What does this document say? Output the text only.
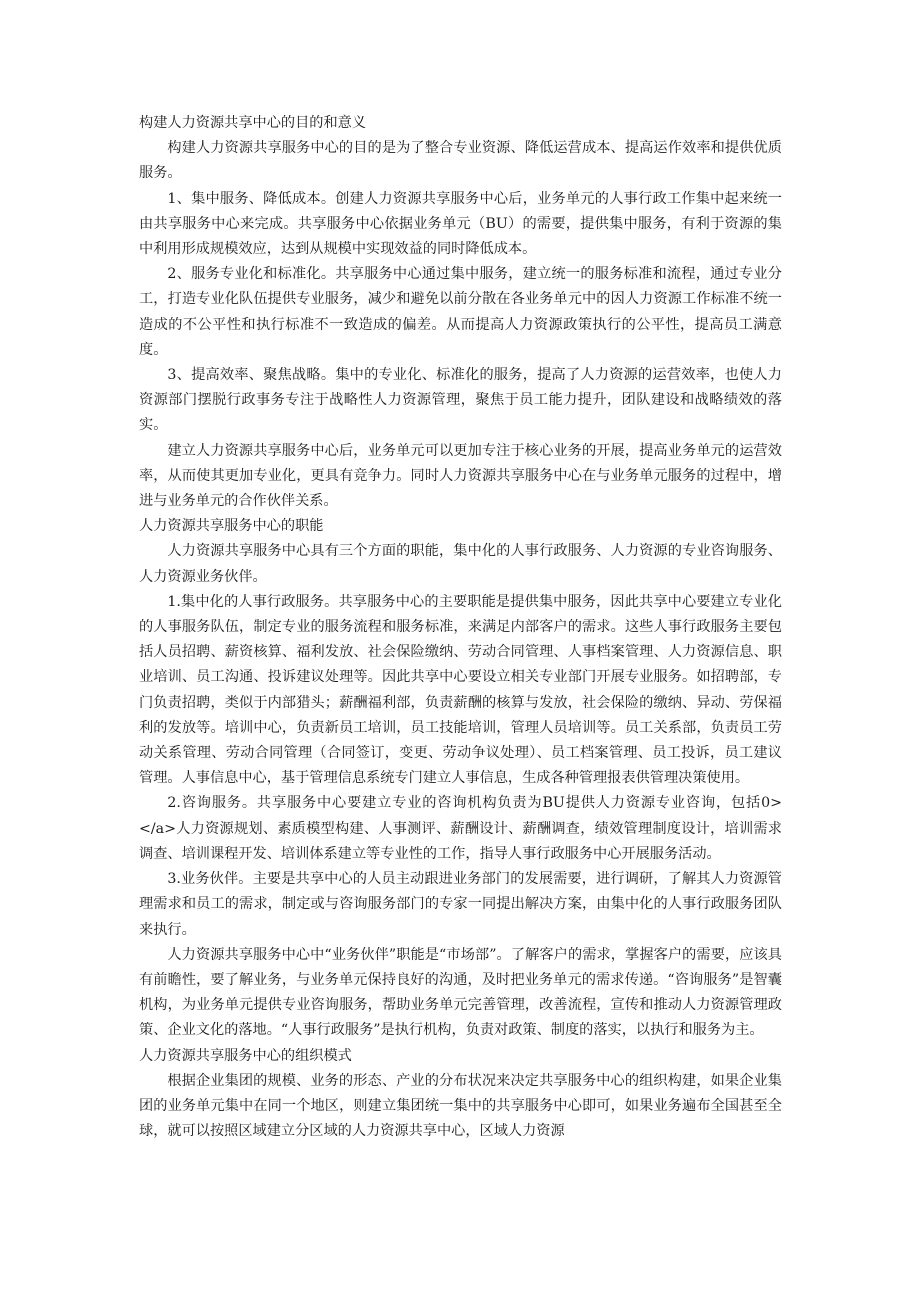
构建人力资源共享中心的目的和意义

构建人力资源共享服务中心的目的是为了整合专业资源、降低运营成本、提高运作效率和提供优质服务。

1、集中服务、降低成本。创建人力资源共享服务中心后，业务单元的人事行政工作集中起来统一由共享服务中心来完成。共享服务中心依据业务单元（BU）的需要，提供集中服务，有利于资源的集中利用形成规模效应，达到从规模中实现效益的同时降低成本。

2、服务专业化和标准化。共享服务中心通过集中服务，建立统一的服务标准和流程，通过专业分工，打造专业化队伍提供专业服务，减少和避免以前分散在各业务单元中的因人力资源工作标准不统一造成的不公平性和执行标准不一致造成的偏差。从而提高人力资源政策执行的公平性，提高员工满意度。

3、提高效率、聚焦战略。集中的专业化、标准化的服务，提高了人力资源的运营效率，也使人力资源部门摆脱行政事务专注于战略性人力资源管理，聚焦于员工能力提升，团队建设和战略绩效的落实。

建立人力资源共享服务中心后，业务单元可以更加专注于核心业务的开展，提高业务单元的运营效率，从而使其更加专业化，更具有竞争力。同时人力资源共享服务中心在与业务单元服务的过程中，增进与业务单元的合作伙伴关系。

人力资源共享服务中心的职能

人力资源共享服务中心具有三个方面的职能，集中化的人事行政服务、人力资源的专业咨询服务、人力资源业务伙伴。

1.集中化的人事行政服务。共享服务中心的主要职能是提供集中服务，因此共享中心要建立专业化的人事服务队伍，制定专业的服务流程和服务标准，来满足内部客户的需求。这些人事行政服务主要包括人员招聘、薪资核算、福利发放、社会保险缴纳、劳动合同管理、人事档案管理、人力资源信息、职业培训、员工沟通、投诉建议处理等。因此共享中心要设立相关专业部门开展专业服务。如招聘部，专门负责招聘，类似于内部猎头；薪酬福利部，负责薪酬的核算与发放，社会保险的缴纳、异动、劳保福利的发放等。培训中心，负责新员工培训，员工技能培训，管理人员培训等。员工关系部，负责员工劳动关系管理、劳动合同管理（合同签订，变更、劳动争议处理）、员工档案管理、员工投诉，员工建议管理。人事信息中心，基于管理信息系统专门建立人事信息，生成各种管理报表供管理决策使用。

2.咨询服务。共享服务中心要建立专业的咨询机构负责为BU提供人力资源专业咨询，包括0></a>人力资源规划、素质模型构建、人事测评、薪酬设计、薪酬调查，绩效管理制度设计，培训需求调查、培训课程开发、培训体系建立等专业性的工作，指导人事行政服务中心开展服务活动。

3.业务伙伴。主要是共享中心的人员主动跟进业务部门的发展需要，进行调研，了解其人力资源管理需求和员工的需求，制定或与咨询服务部门的专家一同提出解决方案，由集中化的人事行政服务团队来执行。

人力资源共享服务中心中“业务伙伴”职能是“市场部”。了解客户的需求，掌握客户的需要，应该具有前瞻性，要了解业务，与业务单元保持良好的沟通，及时把业务单元的需求传递。“咨询服务”是智囊机构，为业务单元提供专业咨询服务，帮助业务单元完善管理，改善流程，宣传和推动人力资源管理政策、企业文化的落地。“人事行政服务”是执行机构，负责对政策、制度的落实，以执行和服务为主。

人力资源共享服务中心的组织模式

根据企业集团的规模、业务的形态、产业的分布状况来决定共享服务中心的组织构建，如果企业集团的业务单元集中在同一个地区，则建立集团统一集中的共享服务中心即可，如果业务遍布全国甚至全球，就可以按照区域建立分区域的人力资源共享中心，区域人力资源
